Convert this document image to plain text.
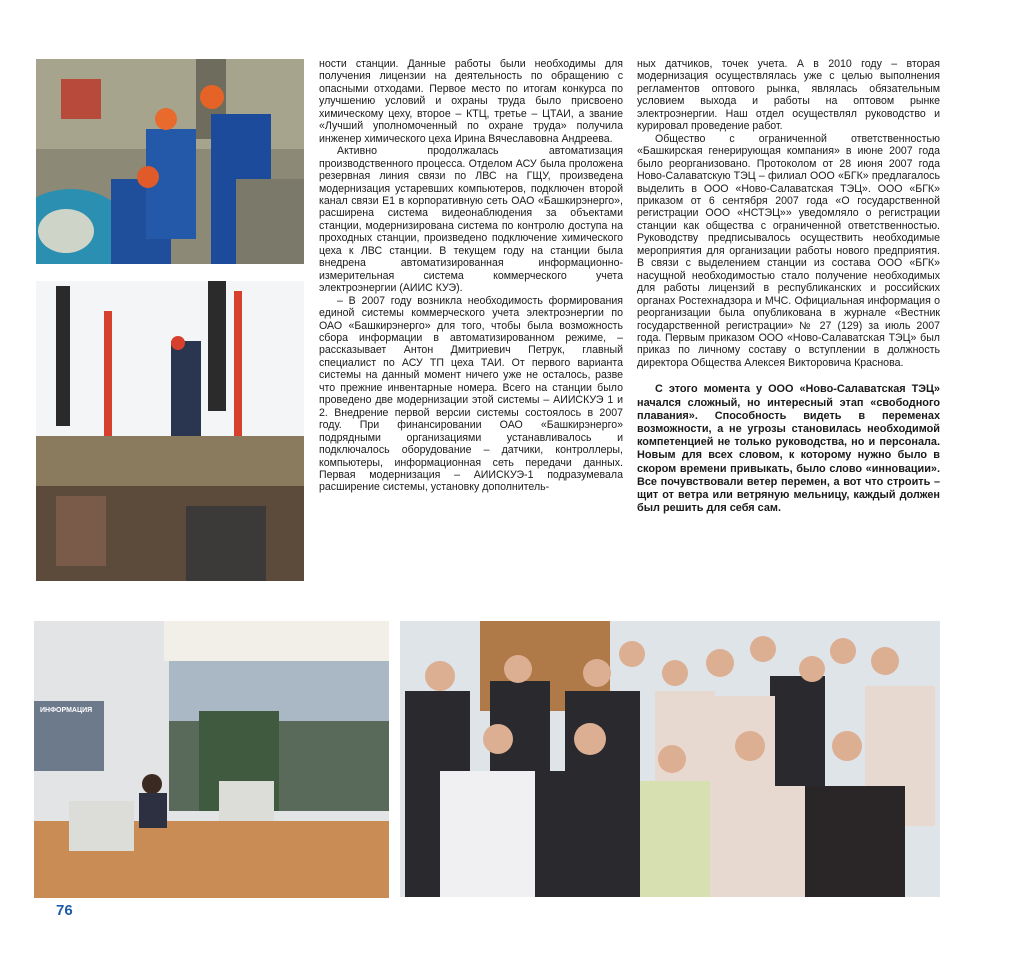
ИНФОРМАЦИЯ

ности станции. Данные работы были необходимы для получения лицензии на деятельность по обращению с опасными отходами. Первое место по итогам конкурса по улучшению условий и охраны труда было присвоено химическому цеху, второе – КТЦ, третье – ЦТАИ, а звание «Лучший уполномоченный по охране труда» получила инженер химического цеха Ирина Вячеславовна Андреева.

Активно продолжалась автоматизация производственного процесса. Отделом АСУ была проложена резервная линия связи по ЛВС на ГЩУ, произведена модернизация устаревших компьютеров, подключен второй канал связи Е1 в корпоративную сеть ОАО «Башкирэнерго», расширена система видеонаблюдения за объектами станции, модернизирована система по контролю доступа на проходных станции, произведено подключение химического цеха к ЛВС станции. В текущем году на станции была внедрена автоматизированная информационно-измерительная система коммерческого учета электроэнергии (АИИС КУЭ).

– В 2007 году возникла необходимость формирования единой системы коммерческого учета электроэнергии по ОАО «Башкирэнерго» для того, чтобы была возможность сбора информации в автоматизированном режиме, – рассказывает Антон Дмитриевич Петрук, главный специалист по АСУ ТП цеха ТАИ. От первого варианта системы на данный момент ничего уже не осталось, разве что прежние инвентарные номера. Всего на станции было проведено две модернизации этой системы – АИИСКУЭ 1 и 2. Внедрение первой версии системы состоялось в 2007 году. При финансировании ОАО «Башкирэнерго» подрядными организациями устанавливалось и подключалось оборудование – датчики, контроллеры, компьютеры, информационная сеть передачи данных. Первая модернизация – АИИСКУЭ-1 подразумевала расширение системы, установку дополнитель-

ных датчиков, точек учета. А в 2010 году – вторая модернизация осуществлялась уже с целью выполнения регламентов оптового рынка, являлась обязательным условием выхода и работы на оптовом рынке электроэнергии. Наш отдел осуществлял руководство и курировал проведение работ.

Общество с ограниченной ответственностью «Башкирская генерирующая компания» в июне 2007 года было реорганизовано. Протоколом от 28 июня 2007 года Ново-Салаватскую ТЭЦ – филиал ООО «БГК» предлагалось выделить в ООО «Ново-Салаватская ТЭЦ». ООО «БГК» приказом от 6 сентября 2007 года «О государственной регистрации ООО «НСТЭЦ»» уведомляло о регистрации станции как общества с ограниченной ответственностью. Руководству предписывалось осуществить необходимые мероприятия для организации работы нового предприятия. В связи с выделением станции из состава ООО «БГК» насущной необходимостью стало получение необходимых для работы лицензий в республиканских и российских органах Ростехнадзора и МЧС. Официальная информация о реорганизации была опубликована в журнале «Вестник государственной регистрации» № 27 (129) за июль 2007 года. Первым приказом ООО «Ново-Салаватская ТЭЦ» был приказ по личному составу о вступлении в должность директора Общества Алексея Викторовича Краснова.

С этого момента у ООО «Ново-Салаватская ТЭЦ» начался сложный, но интересный этап «свободного плавания». Способность видеть в переменах возможности, а не угрозы становилась необходимой компетенцией не только руководства, но и персонала. Новым для всех словом, к которому нужно было в скором времени привыкать, было слово «инновации». Все почувствовали ветер перемен, а вот что строить – щит от ветра или ветряную мельницу, каждый должен был решить для себя сам.

76
